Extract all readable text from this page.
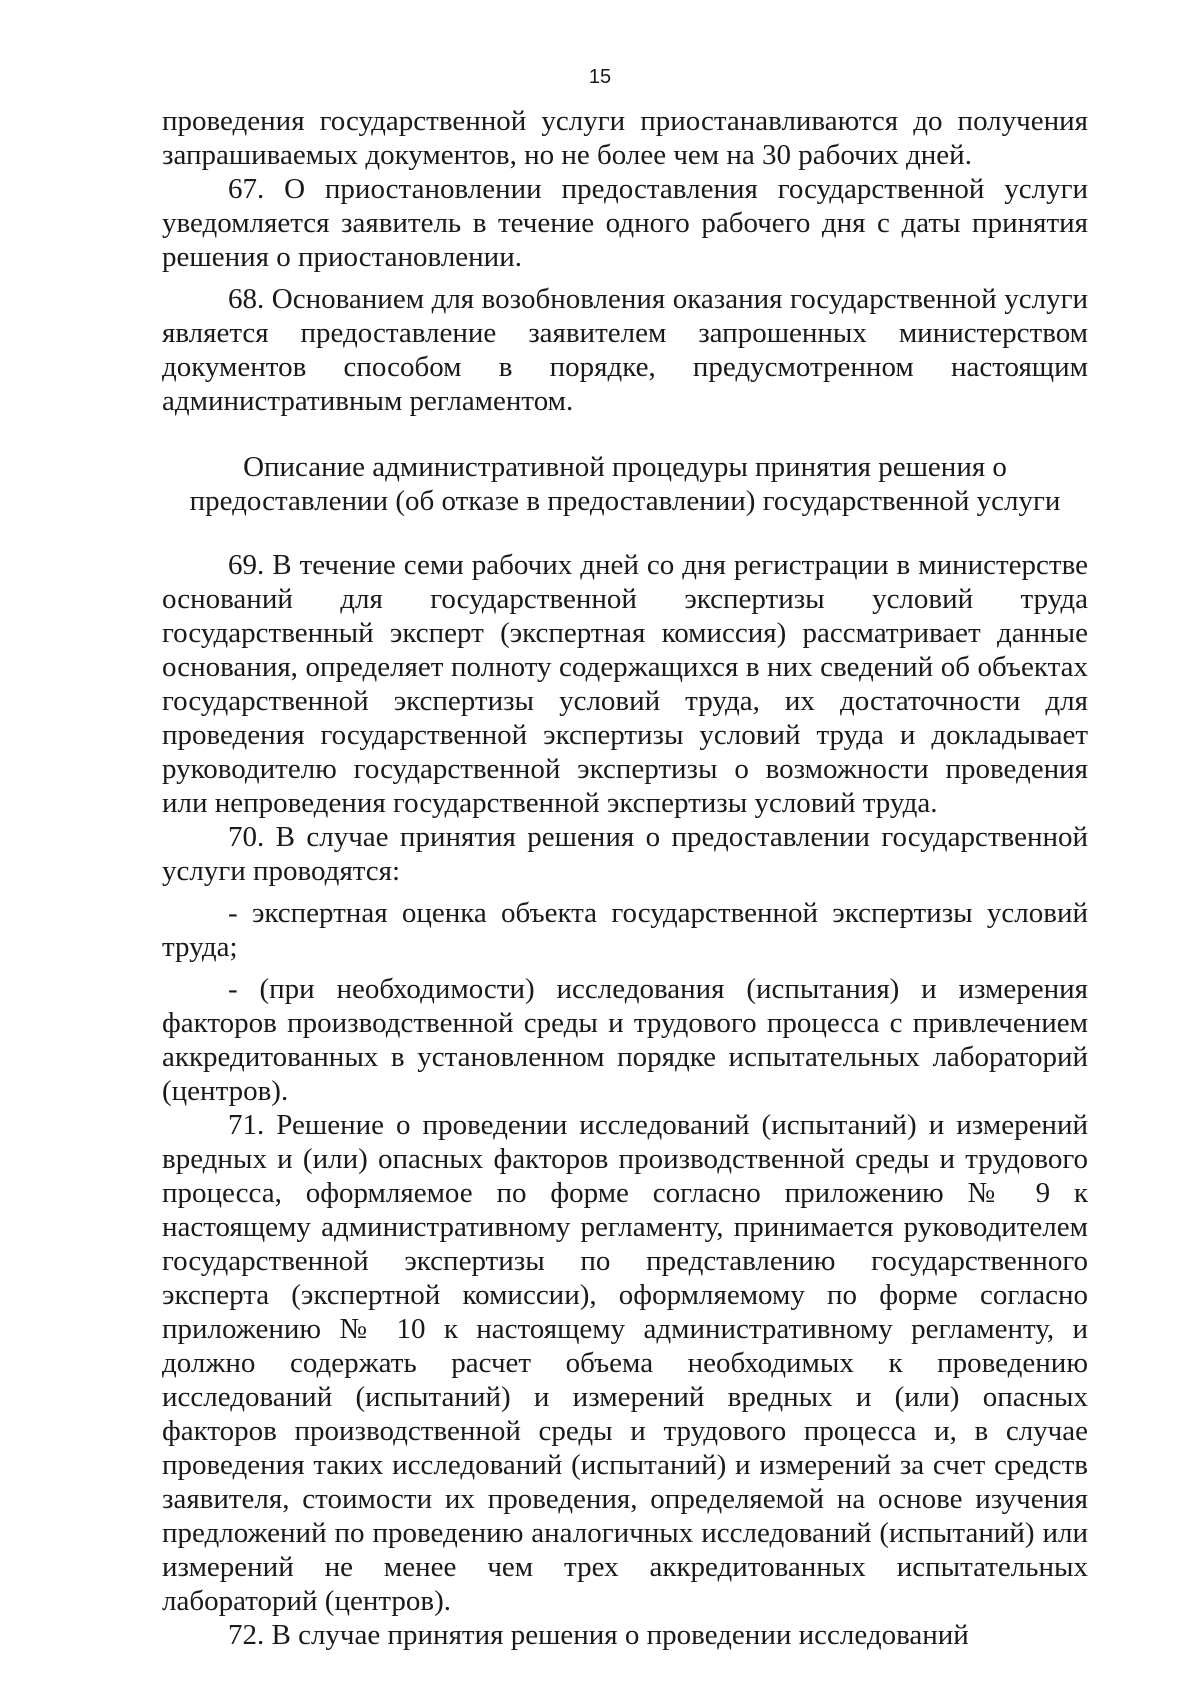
15

проведения государственной услуги приостанавливаются до получения запрашиваемых документов, но не более чем на 30 рабочих дней.

67. О приостановлении предоставления государственной услуги уведомляется заявитель в течение одного рабочего дня с даты принятия решения о приостановлении.

68. Основанием для возобновления оказания государственной услуги является предоставление заявителем запрошенных министерством документов способом в порядке, предусмотренном настоящим административным регламентом.

Описание административной процедуры принятия решения о предоставлении (об отказе в предоставлении) государственной услуги

69. В течение семи рабочих дней со дня регистрации в министерстве оснований для государственной экспертизы условий труда государственный эксперт (экспертная комиссия) рассматривает данные основания, определяет полноту содержащихся в них сведений об объектах государственной экспертизы условий труда, их достаточности для проведения государственной экспертизы условий труда и докладывает руководителю государственной экспертизы о возможности проведения или непроведения государственной экспертизы условий труда.

70. В случае принятия решения о предоставлении государственной услуги проводятся:

- экспертная оценка объекта государственной экспертизы условий труда;

- (при необходимости) исследования (испытания) и измерения факторов производственной среды и трудового процесса с привлечением аккредитованных в установленном порядке испытательных лабораторий (центров).

71. Решение о проведении исследований (испытаний) и измерений вредных и (или) опасных факторов производственной среды и трудового процесса, оформляемое по форме согласно приложению № 9 к настоящему административному регламенту, принимается руководителем государственной экспертизы по представлению государственного эксперта (экспертной комиссии), оформляемому по форме согласно приложению № 10 к настоящему административному регламенту, и должно содержать расчет объема необходимых к проведению исследований (испытаний) и измерений вредных и (или) опасных факторов производственной среды и трудового процесса и, в случае проведения таких исследований (испытаний) и измерений за счет средств заявителя, стоимости их проведения, определяемой на основе изучения предложений по проведению аналогичных исследований (испытаний) или измерений не менее чем трех аккредитованных испытательных лабораторий (центров).

72. В случае принятия решения о проведении исследований
